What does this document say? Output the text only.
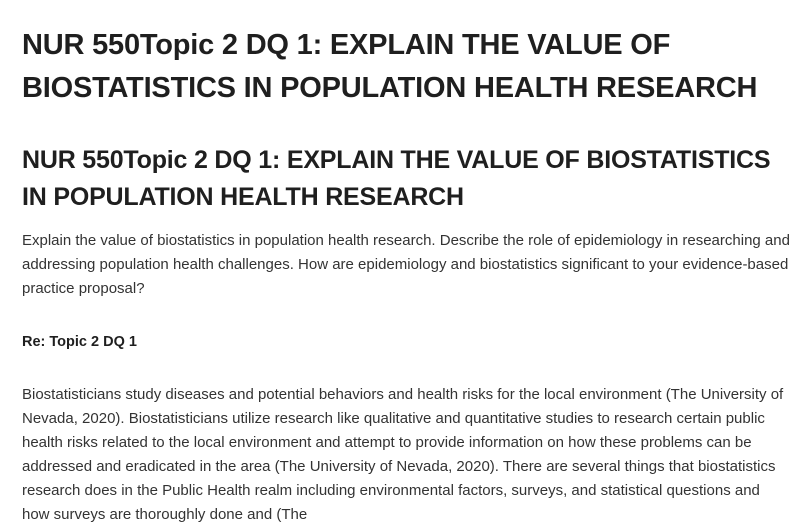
NUR 550Topic 2 DQ 1: EXPLAIN THE VALUE OF BIOSTATISTICS IN POPULATION HEALTH RESEARCH
NUR 550Topic 2 DQ 1: EXPLAIN THE VALUE OF BIOSTATISTICS IN POPULATION HEALTH RESEARCH

Explain the value of biostatistics in population health research. Describe the role of epidemiology in researching and addressing population health challenges. How are epidemiology and biostatistics significant to your evidence-based practice proposal?

Re: Topic 2 DQ 1

Biostatisticians study diseases and potential behaviors and health risks for the local environment (The University of Nevada, 2020). Biostatisticians utilize research like qualitative and quantitative studies to research certain public health risks related to the local environment and attempt to provide information on how these problems can be addressed and eradicated in the area (The University of Nevada, 2020). There are several things that biostatistics research does in the Public Health realm including environmental factors, surveys, and statistical questions and how surveys are thoroughly done and (The
